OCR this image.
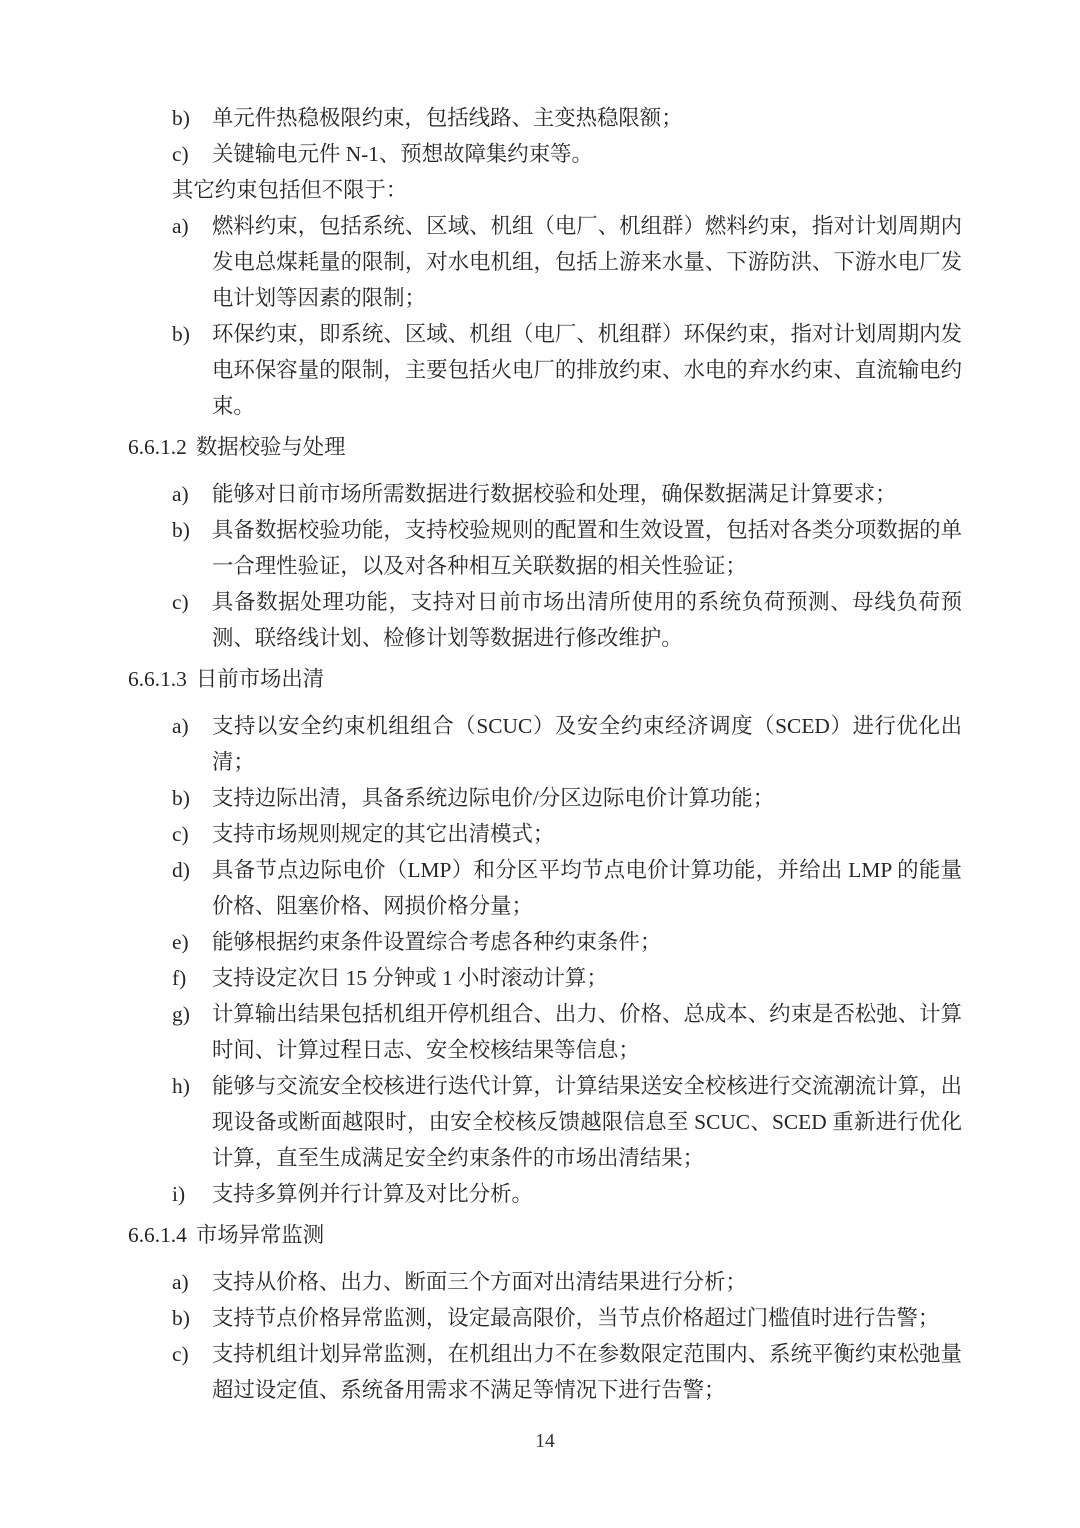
b)	单元件热稳极限约束，包括线路、主变热稳限额；

c)	关键输电元件 N-1、预想故障集约束等。

其它约束包括但不限于：

a)	燃料约束，包括系统、区域、机组（电厂、机组群）燃料约束，指对计划周期内发电总煤耗量的限制，对水电机组，包括上游来水量、下游防洪、下游水电厂发电计划等因素的限制；

b)	环保约束，即系统、区域、机组（电厂、机组群）环保约束，指对计划周期内发电环保容量的限制，主要包括火电厂的排放约束、水电的弃水约束、直流输电约束。

6.6.1.2 数据校验与处理
a)	能够对日前市场所需数据进行数据校验和处理，确保数据满足计算要求；

b)	具备数据校验功能，支持校验规则的配置和生效设置，包括对各类分项数据的单一合理性验证，以及对各种相互关联数据的相关性验证；

c)	具备数据处理功能，支持对日前市场出清所使用的系统负荷预测、母线负荷预测、联络线计划、检修计划等数据进行修改维护。

6.6.1.3 日前市场出清
a)	支持以安全约束机组组合（SCUC）及安全约束经济调度（SCED）进行优化出清；

b)	支持边际出清，具备系统边际电价/分区边际电价计算功能；

c)	支持市场规则规定的其它出清模式；

d)	具备节点边际电价（LMP）和分区平均节点电价计算功能，并给出 LMP 的能量价格、阻塞价格、网损价格分量；

e)	能够根据约束条件设置综合考虑各种约束条件；

f)	支持设定次日 15 分钟或 1 小时滚动计算；

g)	计算输出结果包括机组开停机组合、出力、价格、总成本、约束是否松弛、计算时间、计算过程日志、安全校核结果等信息；

h)	能够与交流安全校核进行迭代计算，计算结果送安全校核进行交流潮流计算，出现设备或断面越限时，由安全校核反馈越限信息至 SCUC、SCED 重新进行优化计算，直至生成满足安全约束条件的市场出清结果；

i)	支持多算例并行计算及对比分析。

6.6.1.4 市场异常监测
a)	支持从价格、出力、断面三个方面对出清结果进行分析；

b)	支持节点价格异常监测，设定最高限价，当节点价格超过门槛值时进行告警；

c)	支持机组计划异常监测，在机组出力不在参数限定范围内、系统平衡约束松弛量超过设定值、系统备用需求不满足等情况下进行告警；

14
